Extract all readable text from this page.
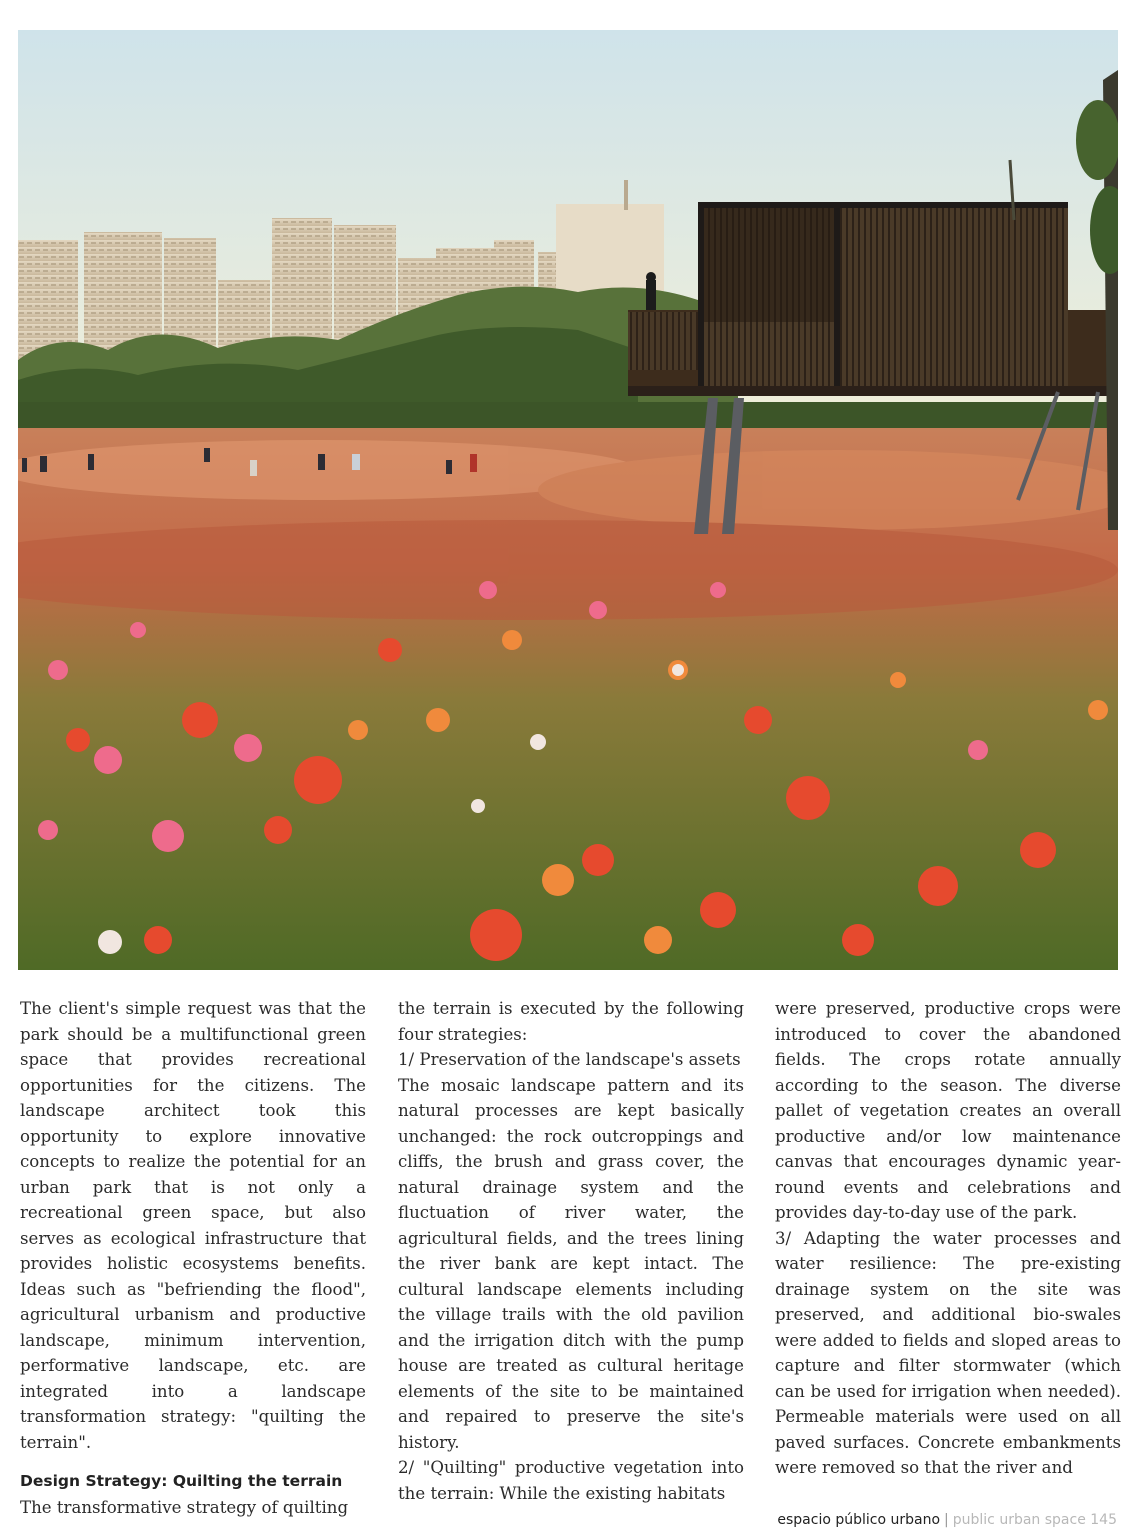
The client's simple request was that the park should be a multifunctional green space that provides recreational opportunities for the citizens. The landscape architect took this opportunity to explore innovative concepts to realize the potential for an urban park that is not only a recreational green space, but also serves as ecological infrastructure that provides holistic ecosystems benefits. Ideas such as "befriending the flood", agricultural urbanism and productive landscape, minimum intervention, performative landscape, etc. are integrated into a landscape transformation strategy: "quilting the terrain".

Design Strategy: Quilting the terrain

The transformative strategy of quilting

the terrain is executed by the following four strategies:

1/ Preservation of the landscape's assets

The mosaic landscape pattern and its natural processes are kept basically unchanged: the rock outcroppings and cliffs, the brush and grass cover, the natural drainage system and the fluctuation of river water, the agricultural fields, and the trees lining the river bank are kept intact. The cultural landscape elements including the village trails with the old pavilion and the irrigation ditch with the pump house are treated as cultural heritage elements of the site to be maintained and repaired to preserve the site's history.

2/ "Quilting" productive vegetation into the terrain: While the existing habitats

were preserved, productive crops were introduced to cover the abandoned fields. The crops rotate annually according to the season. The diverse pallet of vegetation creates an overall productive and/or low maintenance canvas that encourages dynamic year-round events and celebrations and provides day-to-day use of the park.

3/ Adapting the water processes and water resilience: The pre-existing drainage system on the site was preserved, and additional bio-swales were added to fields and sloped areas to capture and filter stormwater (which can be used for irrigation when needed). Permeable materials were used on all paved surfaces. Concrete embankments were removed so that the river and

espacio público urbano | public urban space 145
